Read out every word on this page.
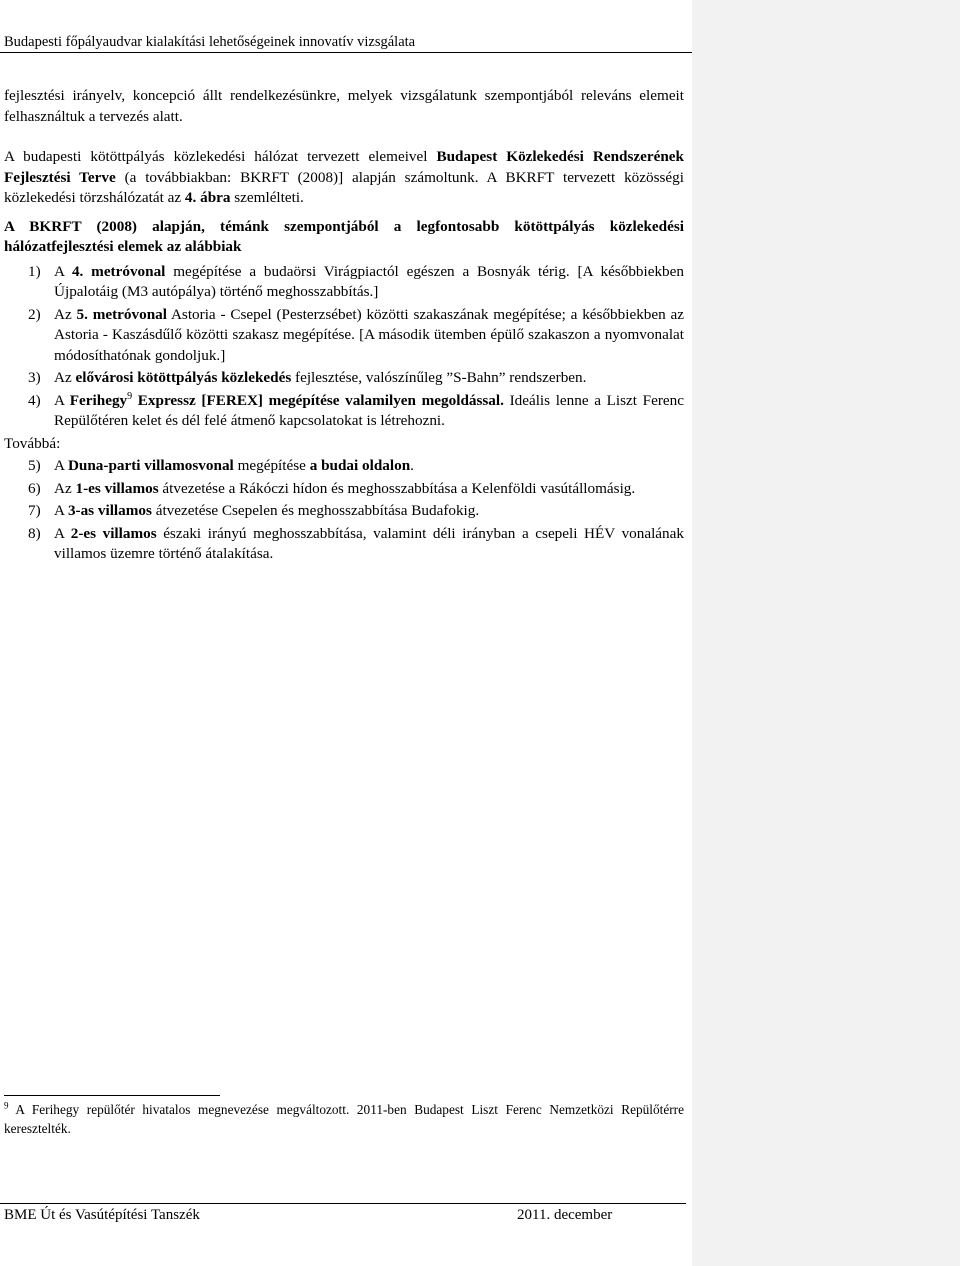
Budapesti főpályaudvar kialakítási lehetőségeinek innovatív vizsgálata

fejlesztési irányelv, koncepció állt rendelkezésünkre, melyek vizsgálatunk szempontjából releváns elemeit felhasználtuk a tervezés alatt.

A budapesti kötöttpályás közlekedési hálózat tervezett elemeivel Budapest Közlekedési Rendszerének Fejlesztési Terve (a továbbiakban: BKRFT (2008)] alapján számoltunk. A BKRFT tervezett közösségi közlekedési törzshálózatát az 4. ábra szemlélteti.

A BKRFT (2008) alapján, témánk szempontjából a legfontosabb kötöttpályás közlekedési hálózatfejlesztési elemek az alábbiak

1) A 4. metróvonal megépítése a budaörsi Virágpiactól egészen a Bosnyák térig. [A későbbiekben Újpalotáig (M3 autópálya) történő meghosszabbítás.]
2) Az 5. metróvonal Astoria - Csepel (Pesterzsébet) közötti szakaszának megépítése; a későbbiekben az Astoria - Kaszásdűlő közötti szakasz megépítése. [A második ütemben épülő szakaszon a nyomvonalat módosíthatónak gondoljuk.]
3) Az elővárosi kötöttpályás közlekedés fejlesztése, valószínűleg ”S-Bahn” rendszerben.
4) A Ferihegy$^9$ Expressz [FEREX] megépítése valamilyen megoldással. Ideális lenne a Liszt Ferenc Repülőtéren kelet és dél felé átmenő kapcsolatokat is létrehozni.
Továbbá:
5) A Duna-parti villamosvonal megépítése a budai oldalon.
6) Az 1-es villamos átvezetése a Rákóczi hídon és meghosszabbítása a Kelenföldi vasútállomásig.
7) A 3-as villamos átvezetése Csepelen és meghosszabbítása Budafokig.
8) A 2-es villamos északi irányú meghosszabbítása, valamint déli irányban a csepeli HÉV vonalának villamos üzemre történő átalakítása.
$^9$ A Ferihegy repülőtér hivatalos megnevezése megváltozott. 2011-ben Budapest Liszt Ferenc Nemzetközi Repülőtérre keresztelték.
BME Út és Vasútépítési Tanszék	2011. december
